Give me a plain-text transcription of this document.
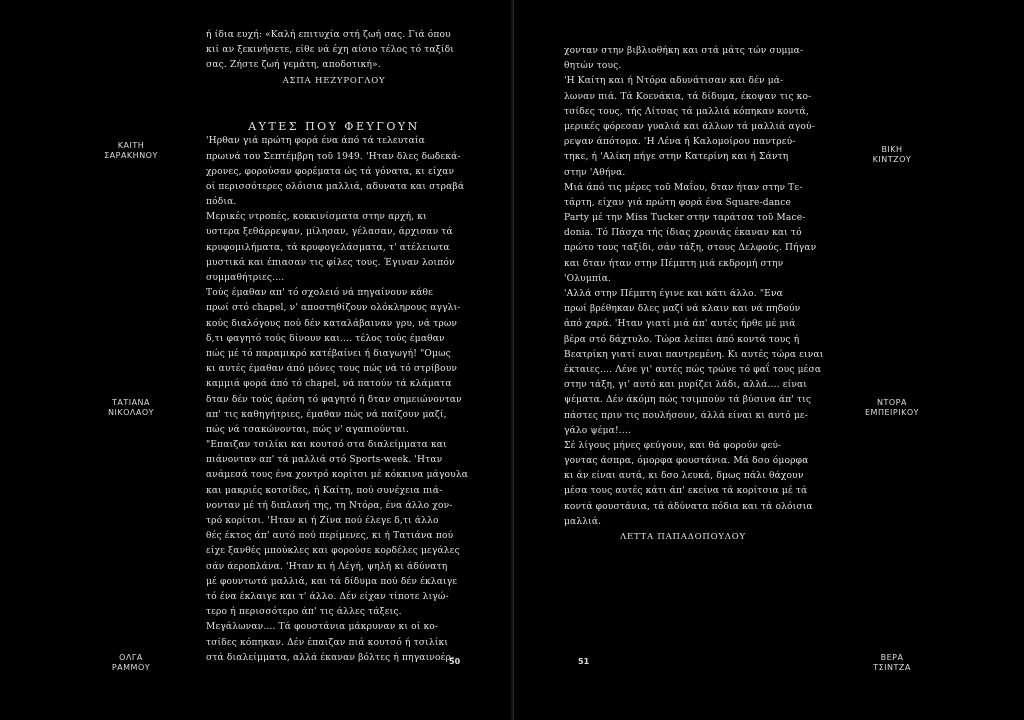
ΚΑΙΤΗ
ΣΑΡΑΚΗΝΟΥ
ΤΑΤΙΑΝΑ
ΝΙΚΟΛΑΟΥ
ΟΛΓΑ
ΡΑΜΜΟΥ
ή ίδια ευχή: «Καλή επιτυχία στή ζωή σας. Γιά όπου
κιί αν ξεκινήσετε, είθε νά έχη αίσιο τέλος τό ταξίδι
σας. Ζήστε ζωή γεμάτη, αποδοτική».
ΑΣΠΑ ΗΕΖΥΡΟΓΛΟΥ
ΑΥΤΕΣ ΠΟΥ ΦΕΥΓΟΥΝ
'Ηρθαν γιά πρώτη φορά ένα άπό τά τελευταία
πρωινά του Σεπτέμβρη τοῦ 1949. 'Ηταν δλες δωδεκά-
χρονες, φορούσαν φορέματα ώς τά γόνατα, κι είχαν
οί περισσότερες ολόισια μαλλιά, αδυνατα και στραβά
πόδια.
Μερικές ντροπές, κοκκινίσματα στην αρχή, κι
υστερα ξεθάρρεψαν, μίλησαν, γέλασαν, άρχισαν τά
κρυφομιλήματα, τά κρυφογελάσματα, τ' ατέλειωτα
μυστικά και έπιασαν τις φίλες τους. Έγιναν λοιπόν
συμμαθήτριες....
Τούς έμαθαν απ' τό σχολειό νά πηγαίνουν κάθε
πρωί στό chapel, ν' αποστηθίζουν ολόκληρους αγγλι-
κούς διαλόγους πού δέν καταλάβαιναν γρυ, νά τρων
δ,τι φαγητό τούς δίνουν και.... τέλος τούς έμαθαν
πώς μέ τό παραμικρό κατέβαίνει ή διαγωγή! "Ομως
κι αυτές έμαθαν άπό μόνες τους πώς νά τό στρίβουν
καμμιά φορά άπό τό chapel, νά πατούν τά κλάματα
δταν δέν τούς άρέση τό φαγητό ή δταν σημειώνονταν
απ' τις καθηγήτριες, έμαθαν πώς νά παίζουν μαζί,
πώς νά τσακώνονται, πώς ν' αγαπιούνται.
"Επαιζαν τσιλίκι και κουτσό στα διαλείμματα και
πιάνονταν απ' τά μαλλιά στό Sports-week. 'Ηταν
ανάμεσά τους ένα χοντρό κορίτσι μέ κόκκινα μάγουλα
και μακριές κοτσίδες, ή Καίτη, πού συνέχεια πιά-
νονταν μέ τή διπλανή της, τη Ντόρα, ένα άλλο χον-
τρό κορίτσι. 'Ηταν κι ή Ζίνα πού έλεγε δ,τι άλλο
θές έκτος άπ' αυτό πού περίμενες, κι ή Τατιάνα πού
είχε ξανθές μπούκλες και φορούσε κορδέλες μεγάλες
σάν άεροπλάνα. 'Ηταν κι ή Λέγή, ψηλή κι άδύνατη
μέ φουντωτά μαλλιά, και τά δίδυμα πού δέν έκλαιγε
τό ένα έκλαιγε και τ' άλλο. Δέν είχαν τίποτε λιγώ-
τερο ή περισσότερο άπ' τις άλλες τάξεις.
Μεγάλωναν.... Τά φουστάνια μάκρυναν κι οί κο-
τσίδες κόπηκαν. Δέν έπαιζαν πιά κουτσό ή τσιλίκι
στά διαλείμματα, αλλά έκαναν βόλτες ή πηγαινοέρ-
50
χονταν στην βιβλιοθήκη και στά μάτς τών συμμα-
θητών τους.
'Η Καίτη και ή Ντόρα αδυνάτισαν και δέν μά-
λωναν πιά. Τά Κοενάκια, τά δίδυμα, έκοψαν τις κο-
τσίδες τους, τής Λίτσας τά μαλλιά κόπηκαν κοντά,
μερικές φόρεσαν γυαλιά και άλλων τά μαλλιά αγού-
ρεψαν άπότομα. 'Η Λένα ή Καλομοίρου παντρεύ-
τηκε, ή 'Αλίκη πήγε στην Κατερίνη και ή Σάντη
στην 'Αθήνα.
Μιά άπό τις μέρες τοῦ Μαΐου, δταν ήταν στην Τε-
τάρτη, είχαν γιά πρώτη φορά ένα Square-dance
Party μέ την Miss Tucker στην ταράτσα τοῦ Mace-
donia. Τό Πάσχα τής ίδιας χρονιάς έκαναν και τό
πρώτο τους ταξίδι, σάν τάξη, στους Δελφούς. Πήγαν
και δταν ήταν στην Πέμπτη μιά εκδρομή στην
'Ολυμπία.
'Αλλά στην Πέμπτη έγινε και κάτι άλλο. "Ενα
πρωί βρέθηκαν δλες μαζί νά κλαιν και νά πηδούν
άπό χαρά. 'Ηταν γιατί μιά άπ' αυτές ήρθε μέ μιά
βέρα στό δάχτυλο. Τώρα λείπει άπό κοντά τους ή
Βεατρίκη γιατί ειναι παντρεμένη. Κι αυτές τώρα ειναι
έκταιες.... Λένε γι' αυτές πώς τρώνε τό φαΐ τους μέσα
στην τάξη, γι' αυτό και μυρίζει λάδι, αλλά.... είναι
ψέματα. Δέν άκόμη πώς τσιμπούν τά βύσινα άπ' τις
πάστες πριν τις πουλήσουν, άλλά είναι κι αυτό με-
γάλο ψέμα!....
Σέ λίγους μήνες φεύγουν, και θά φορούν φεύ-
γοντας άσπρα, όμορφα φουστάνια. Μά δσο όμορφα
κι άν είναι αυτά, κι δσο λευκά, δμως πάλι θάχουν
μέσα τους αυτές κάτι άπ' εκείνα τά κορίτσια μέ τά
κοντά φουστάνια, τά άδύνατα πόδια και τά ολόισια
μαλλιά.
ΛΕΤΤΑ ΠΑΠΑΔΟΠΟΥΛΟΥ
51
ΒΙΚΗ
ΚΙΝΤΖΟΥ
ΝΤΟΡΑ
ΕΜΠΕΙΡΙΚΟΥ
ΒΕΡΑ
ΤΣΙΝΤΖΑ
